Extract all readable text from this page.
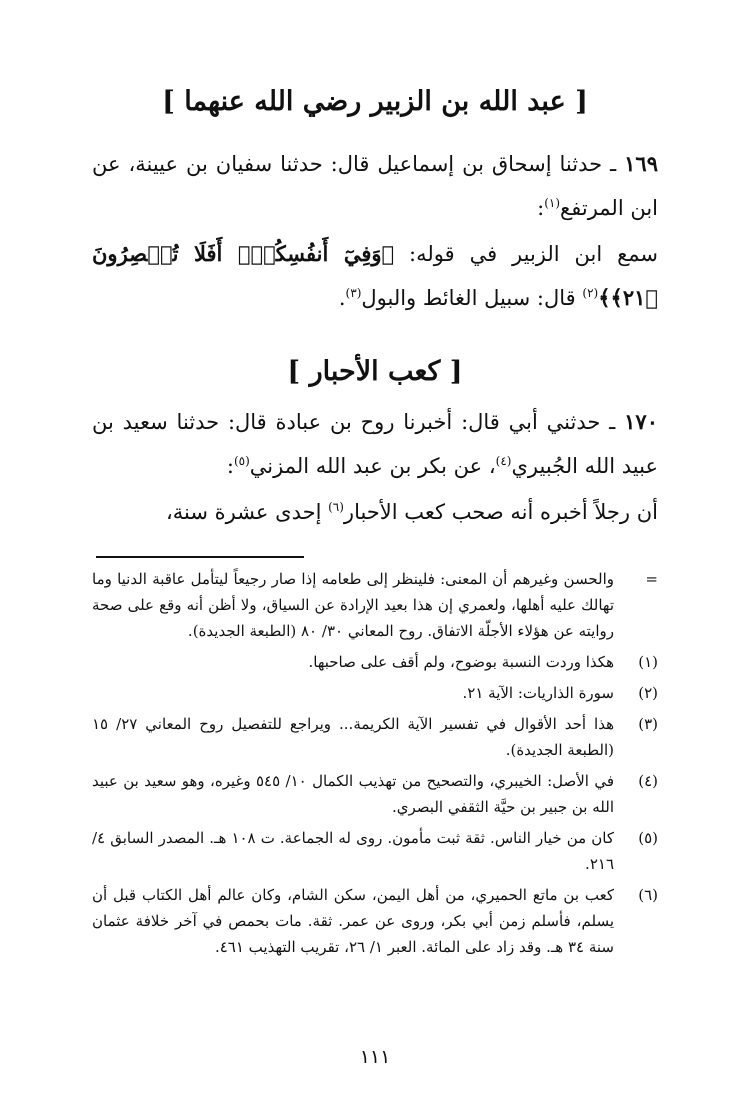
[ عبد الله بن الزبير رضي الله عنهما ]

١٦٩ ـ حدثنا إسحاق بن إسماعيل قال: حدثنا سفيان بن عيينة، عن ابن المرتفع$^{(١)}$:

سمع ابن الزبير في قوله: ﴿وَفِيٓ أَنفُسِكُمۡۚ أَفَلَا تُبۡصِرُونَ ﴿٢١﴾﴾$^{(٢)}$ قال: سبيل الغائط والبول$^{(٣)}$.

[ كعب الأحبار ]

١٧٠ ـ حدثني أبي قال: أخبرنا روح بن عبادة قال: حدثنا سعيد بن عبيد الله الجُبيري$^{(٤)}$، عن بكر بن عبد الله المزني$^{(٥)}$:

أن رجلاً أخبره أنه صحب كعب الأحبار$^{(٦)}$ إحدى عشرة سنة،

=
والحسن وغيرهم أن المعنى: فلينظر إلى طعامه إذا صار رجيعاً ليتأمل عاقبة الدنيا وما تهالك عليه أهلها، ولعمري إن هذا بعيد الإرادة عن السياق، ولا أظن أنه وقع على صحة روايته عن هؤلاء الأجلّة الاتفاق. روح المعاني ٣٠/ ٨٠ (الطبعة الجديدة).
(١)
هكذا وردت النسبة بوضوح، ولم أقف على صاحبها.
(٢)
سورة الذاريات: الآية ٢١.
(٣)
هذا أحد الأقوال في تفسير الآية الكريمة... ويراجع للتفصيل روح المعاني ٢٧/ ١٥ (الطبعة الجديدة).
(٤)
في الأصل: الخيبري، والتصحيح من تهذيب الكمال ١٠/ ٥٤٥ وغيره، وهو سعيد بن عبيد الله بن جبير بن حيَّة الثقفي البصري.
(٥)
كان من خيار الناس. ثقة ثبت مأمون. روى له الجماعة. ت ١٠٨ هـ. المصدر السابق ٤/ ٢١٦.
(٦)
كعب بن ماتع الحميري، من أهل اليمن، سكن الشام، وكان عالم أهل الكتاب قبل أن يسلم، فأسلم زمن أبي بكر، وروى عن عمر. ثقة. مات بحمص في آخر خلافة عثمان سنة ٣٤ هـ. وقد زاد على المائة. العبر ١/ ٢٦، تقريب التهذيب ٤٦١.
١١١
